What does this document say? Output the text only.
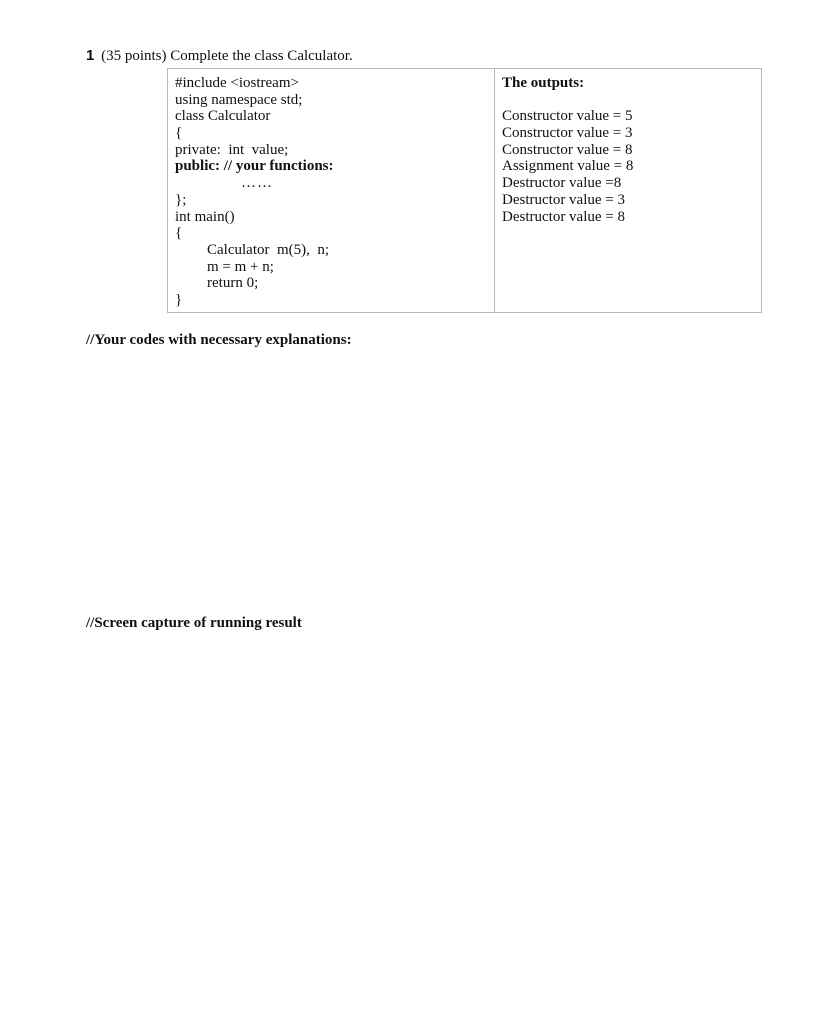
1 (35 points) Complete the class Calculator.
#include <iostream>
using namespace std;
class Calculator
{
private:  int  value;
public: // your functions:
……
};
int main()
{
Calculator  m(5),  n;
m = m + n;
return 0;
}

The outputs:
Constructor value = 5
Constructor value = 3
Constructor value = 8
Assignment value = 8
Destructor value =8
Destructor value = 3
Destructor value = 8
//Your codes with necessary explanations:
//Screen capture of running result
